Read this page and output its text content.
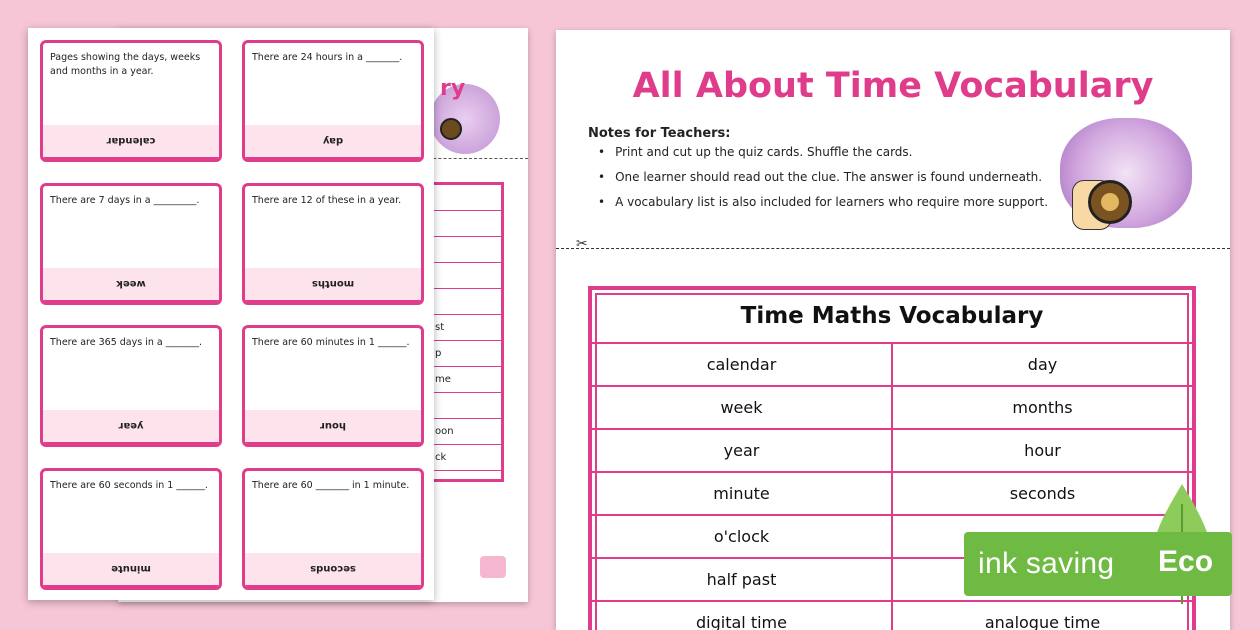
ry
st
p
me
oon
ck
Pages showing the days, weeks and months in a year.
calendar
There are 24 hours in a _______.
day
There are 7 days in a _________.
week
There are 12 of these in a year.
months
There are 365 days in a _______.
year
There are 60 minutes in 1 ______.
hour
There are 60 seconds in 1 ______.
minute
There are 60 _______ in 1 minute.
seconds
All About Time Vocabulary
Notes for Teachers:
• Print and cut up the quiz cards. Shuffle the cards.
• One learner should read out the clue. The answer is found underneath.
• A vocabulary list is also included for learners who require more support.
✂
Time Maths Vocabulary
calendar	day
week	months
year	hour
minute	seconds
o'clock
half past
digital time	analogue time
ink saving Eco
